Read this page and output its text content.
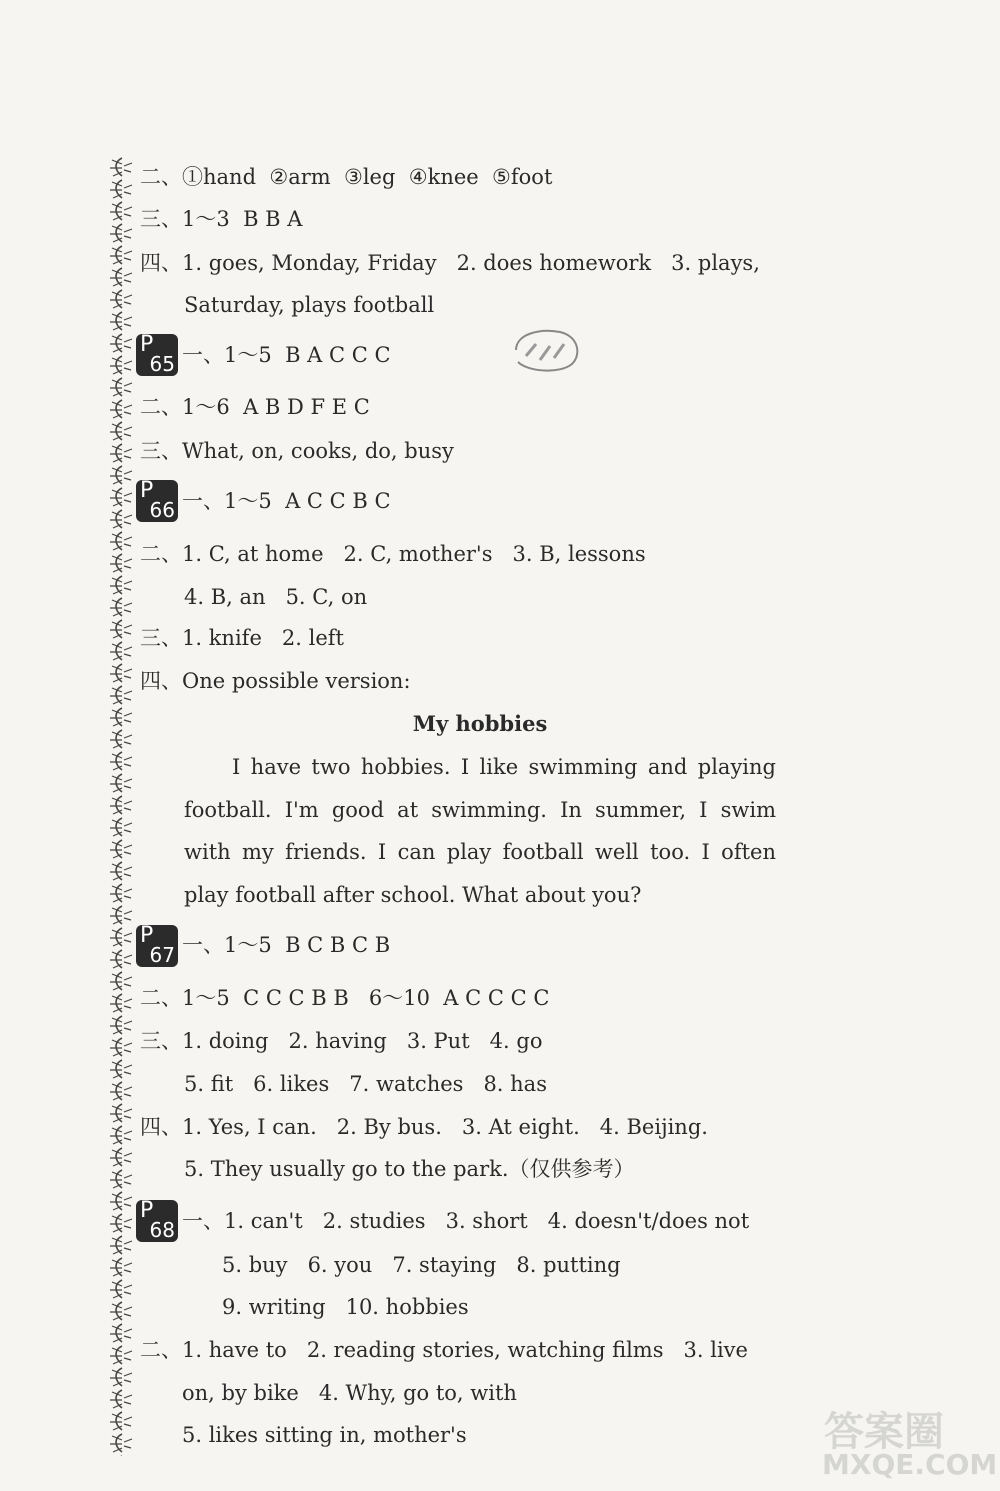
二、①hand  ②arm  ③leg  ④knee  ⑤foot
三、1～3  B B A
四、1. goes, Monday, Friday   2. does homework   3. plays,
Saturday, plays football
P
65 一、1～5  B A C C C
二、1～6  A B D F E C
三、What, on, cooks, do, busy
P
66 一、1～5  A C C B C
二、1. C, at home   2. C, mother's   3. B, lessons
4. B, an   5. C, on
三、1. knife   2. left
四、One possible version:
My hobbies
I have two hobbies. I like swimming and playing football. I'm good at swimming. In summer, I swim with my friends. I can play football well too. I often play football after school. What about you?
P
67 一、1～5  B C B C B
二、1～5  C C C B B   6～10  A C C C C
三、1. doing   2. having   3. Put   4. go
5. fit   6. likes   7. watches   8. has
四、1. Yes, I can.   2. By bus.   3. At eight.   4. Beijing.
5. They usually go to the park.（仅供参考）
P
68 一、1. can't   2. studies   3. short   4. doesn't/does not
5. buy   6. you   7. staying   8. putting
9. writing   10. hobbies
二、1. have to   2. reading stories, watching films   3. live
on, by bike   4. Why, go to, with
5. likes sitting in, mother's	答案圈
MXQE.COM
